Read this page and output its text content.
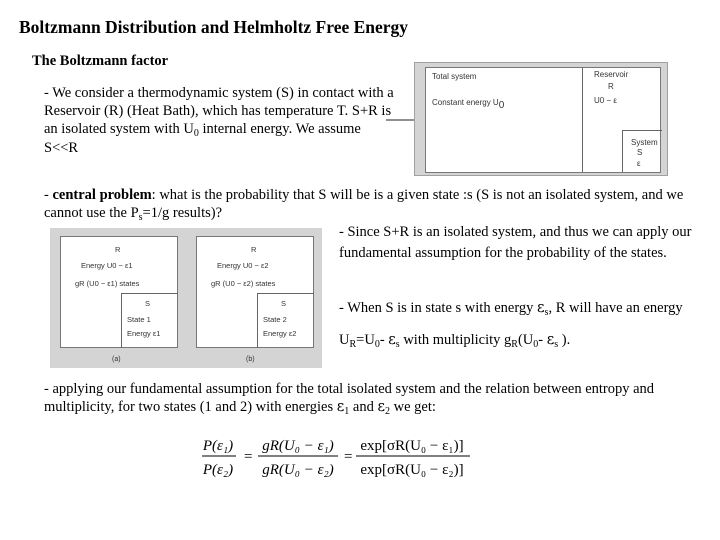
Boltzmann Distribution and Helmholtz Free Energy
The Boltzmann factor
- We consider a thermodynamic system (S) in contact with a Reservoir (R) (Heat Bath), which has temperature T. S+R is an isolated system with $U_0$ internal energy. We assume S<<R
- central problem: what is the probability that S will be is a given state :s (S is not an isolated system, and we cannot use the $P_s=1/g$ results)?
- Since S+R is an isolated system, and thus we can apply our fundamental assumption for the probability of the states.
- When S is in state s with energy $\varepsilon_s$, R will have an energy $U_R=U_0-$ $\varepsilon_s$ with multiplicity $g_R(U_0-$ $\varepsilon_s$ ).
- applying our fundamental assumption for the total isolated system and the relation between entropy and multiplicity, for two states (1 and 2) with energies $\varepsilon_1$ and $\varepsilon_2$ we get:
Total system
Constant energy $U_0$
Reservoir
R
U0 − ε
System
S
ε
R
Energy U0 − ε1
gR (U0 − ε1) states
S
State 1
Energy ε1
R
Energy U0 − ε2
gR (U0 − ε2) states
S
State 2
Energy ε2
(a)	(b)
P(ε₁)
P(ε₂)
=
gR(U₀ − ε₁)
gR(U₀ − ε₂)
=
exp[σR(U₀ − ε₁)]
exp[σR(U₀ − ε₂)]
